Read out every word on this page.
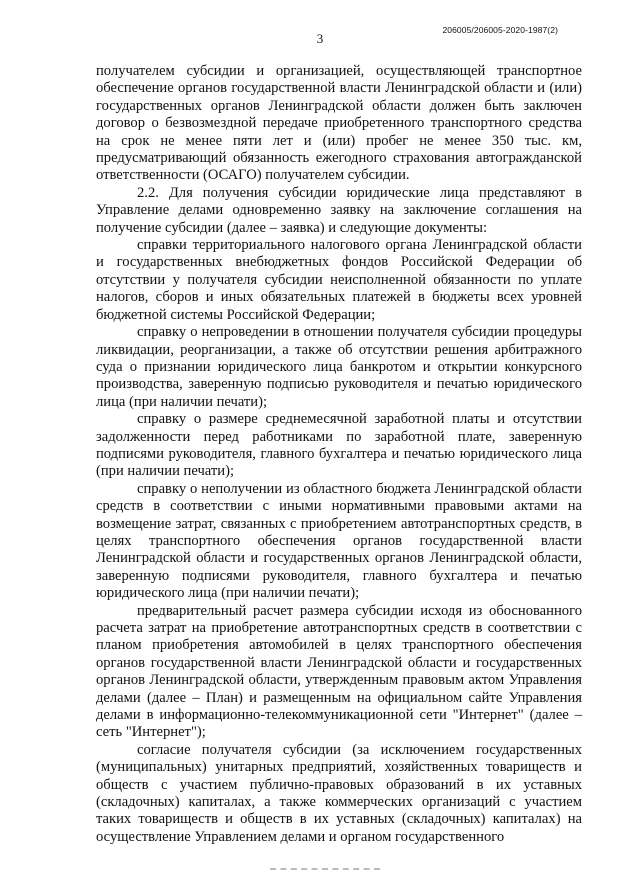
3
206005/206005-2020-1987(2)

получателем субсидии и организацией, осуществляющей транспортное обеспечение органов государственной власти Ленинградской области и (или) государственных органов Ленинградской области должен быть заключен договор о безвозмездной передаче приобретенного транспортного средства на срок не менее пяти лет и (или) пробег не менее 350 тыс. км, предусматривающий обязанность ежегодного страхования автогражданской ответственности (ОСАГО) получателем субсидии.

2.2. Для получения субсидии юридические лица представляют в Управление делами одновременно заявку на заключение соглашения на получение субсидии (далее – заявка) и следующие документы:

справки территориального налогового органа Ленинградской области и государственных внебюджетных фондов Российской Федерации об отсутствии у получателя субсидии неисполненной обязанности по уплате налогов, сборов и иных обязательных платежей в бюджеты всех уровней бюджетной системы Российской Федерации;

справку о непроведении в отношении получателя субсидии процедуры ликвидации, реорганизации, а также об отсутствии решения арбитражного суда о признании юридического лица банкротом и открытии конкурсного производства, заверенную подписью руководителя и печатью юридического лица (при наличии печати);

справку о размере среднемесячной заработной платы и отсутствии задолженности перед работниками по заработной плате, заверенную подписями руководителя, главного бухгалтера и печатью юридического лица (при наличии печати);

справку о неполучении из областного бюджета Ленинградской области средств в соответствии с иными нормативными правовыми актами на возмещение затрат, связанных с приобретением автотранспортных средств, в целях транспортного обеспечения органов государственной власти Ленинградской области и государственных органов Ленинградской области, заверенную подписями руководителя, главного бухгалтера и печатью юридического лица (при наличии печати);

предварительный расчет размера субсидии исходя из обоснованного расчета затрат на приобретение автотранспортных средств в соответствии с планом приобретения автомобилей в целях транспортного обеспечения органов государственной власти Ленинградской области и государственных органов Ленинградской области, утвержденным правовым актом Управления делами (далее – План) и размещенным на официальном сайте Управления делами в информационно-телекоммуникационной сети "Интернет" (далее – сеть "Интернет");

согласие получателя субсидии (за исключением государственных (муниципальных) унитарных предприятий, хозяйственных товариществ и обществ с участием публично-правовых образований в их уставных (складочных) капиталах, а также коммерческих организаций с участием таких товариществ и обществ в их уставных (складочных) капиталах) на осуществление Управлением делами и органом государственного
